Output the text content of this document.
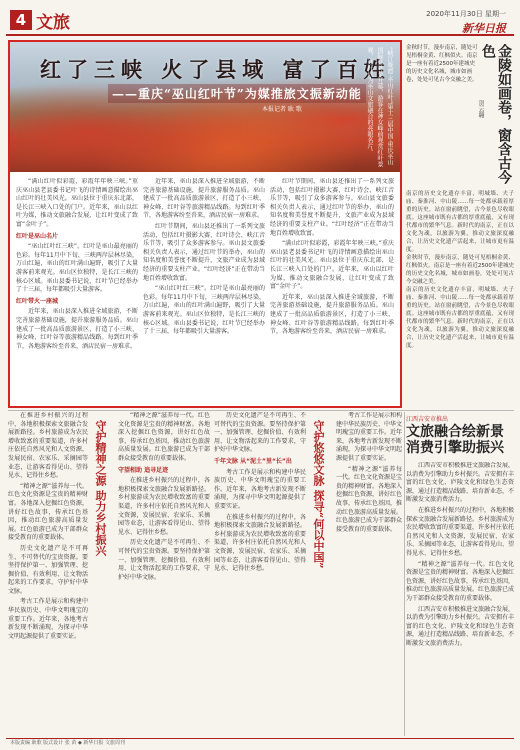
4 文旅	2020年11月30日 星期一
新华日报
红了三峡 火了县域 富了百姓
——重庆“巫山红叶节”为媒推旅文振新动能
本报记者 耿 歌	“峡江晚霞·巫山红叶”第十三届中国·重庆巫山国际红叶节开幕，游客在神女峰前观赏红叶景观，红叶成为巫山文旅融合的亮眼名片。

“满山红叶似彩霞，彩霞年年映三峡。”重庆巫山县老县委书记叶飞的诗情画意描绘出巫山红叶的壮美风光。巫山县位于重庆东北部，是长江三峡入口处的门户。近年来，巫山以红叶为媒，推动文旅融合发展，让红叶变成了致富“金叶子”。

红叶是巫山名片

“巫山红叶红三峡”。红叶是巫山最亮丽的色彩。每年11月中下旬，三峡两岸层林尽染，万山红遍，巫山的红叶满山遍野，吸引了大量游客前来观光。巫山区位独特，是长江三峡的核心区域。巫山县委书记说，红叶节已经举办了十三届，每年都吸引大量游客。

红叶带火一座城

近年来，巫山县深入推进全域旅游，不断完善旅游基础设施，提升旅游服务品质。巫山建成了一批高品质旅游景区，打造了小三峡、神女峰、红叶谷等旅游精品线路。每到红叶季节，各地游客纷至沓来，酒店民宿一房难求。

近年来，巫山县深入推进全域旅游，不断完善旅游基础设施，提升旅游服务品质。巫山建成了一批高品质旅游景区，打造了小三峡、神女峰、红叶谷等旅游精品线路。每到红叶季节，各地游客纷至沓来，酒店民宿一房难求。

红叶节期间，巫山县还推出了一系列文旅活动，包括红叶摄影大赛、红叶诗会、峡江音乐节等，吸引了众多游客参与。巫山县文旅委相关负责人表示，通过红叶节的举办，巫山的知名度和美誉度不断提升，文旅产业成为县域经济的重要支柱产业。“红叶经济”正在带动当地百姓增收致富。

“巫山红叶红三峡”。红叶是巫山最亮丽的色彩。每年11月中下旬，三峡两岸层林尽染，万山红遍，巫山的红叶满山遍野，吸引了大量游客前来观光。巫山区位独特，是长江三峡的核心区域。巫山县委书记说，红叶节已经举办了十三届，每年都吸引大量游客。

红叶节期间，巫山县还推出了一系列文旅活动，包括红叶摄影大赛、红叶诗会、峡江音乐节等，吸引了众多游客参与。巫山县文旅委相关负责人表示，通过红叶节的举办，巫山的知名度和美誉度不断提升，文旅产业成为县域经济的重要支柱产业。“红叶经济”正在带动当地百姓增收致富。

“满山红叶似彩霞，彩霞年年映三峡。”重庆巫山县老县委书记叶飞的诗情画意描绘出巫山红叶的壮美风光。巫山县位于重庆东北部，是长江三峡入口处的门户。近年来，巫山以红叶为媒，推动文旅融合发展，让红叶变成了致富“金叶子”。

近年来，巫山县深入推进全域旅游，不断完善旅游基础设施，提升旅游服务品质。巫山建成了一批高品质旅游景区，打造了小三峡、神女峰、红叶谷等旅游精品线路。每到红叶季节，各地游客纷至沓来，酒店民宿一房难求。

金秋时节，漫步南京，随处可见梧桐金黄、红枫似火。南京是一座有着近2500年建城史的历史文化名城，城市如画卷，处处可见古今交融之美。	金陵如画卷，窗含古今色
贺云翱

南京的历史文化遗存丰富，明城墙、夫子庙、秦淮河、中山陵……每一处都承载着厚重的历史。站在窗前眺望，古今景色尽收眼底。这座城市既有古都的厚重底蕴，又有现代都市的繁华气息。新时代的南京，正在以文化为魂，以旅游为翼，推动文旅深度融合，让历史文化遗产活起来，让城市更有温度。

金秋时节，漫步南京，随处可见梧桐金黄、红枫似火。南京是一座有着近2500年建城史的历史文化名城，城市如画卷，处处可见古今交融之美。

南京的历史文化遗存丰富，明城墙、夫子庙、秦淮河、中山陵……每一处都承载着厚重的历史。站在窗前眺望，古今景色尽收眼底。这座城市既有古都的厚重底蕴，又有现代都市的繁华气息。新时代的南京，正在以文化为魂，以旅游为翼，推动文旅深度融合，让历史文化遗产活起来，让城市更有温度。

在推进乡村振兴的过程中，各地积极探索文旅融合发展新路径。乡村旅游成为农民增收致富的重要渠道，许多村庄依托自然风光和人文资源，发展民宿、农家乐、采摘园等业态，让游客看得见山、望得见水、记得住乡愁。

“精神之源”滋养每一代。红色文化资源是宝贵的精神财富。各地深入挖掘红色资源，讲好红色故事，传承红色基因，推动红色旅游高质量发展。红色旅游已成为干部群众接受教育的重要载体。

历史文化遗产是不可再生、不可替代的宝贵资源。要坚持保护第一、加强管理、挖掘价值、有效利用、让文物活起来的工作要求，守护好中华文脉。

考古工作是展示和构建中华民族历史、中华文明瑰宝的重要工作。近年来，各地考古新发现不断涌现，为探寻中华文明起源提供了重要实证。

守护精神之源 助力乡村振兴

“精神之源”滋养每一代。红色文化资源是宝贵的精神财富。各地深入挖掘红色资源，讲好红色故事，传承红色基因，推动红色旅游高质量发展。红色旅游已成为干部群众接受教育的重要载体。

守望相助 追寻足迹

在推进乡村振兴的过程中，各地积极探索文旅融合发展新路径。乡村旅游成为农民增收致富的重要渠道，许多村庄依托自然风光和人文资源，发展民宿、农家乐、采摘园等业态，让游客看得见山、望得见水、记得住乡愁。

历史文化遗产是不可再生、不可替代的宝贵资源。要坚持保护第一、加强管理、挖掘价值、有效利用、让文物活起来的工作要求，守护好中华文脉。

历史文化遗产是不可再生、不可替代的宝贵资源。要坚持保护第一、加强管理、挖掘价值、有效利用、让文物活起来的工作要求，守护好中华文脉。

千年文脉 从“泥土”里“长”出

考古工作是展示和构建中华民族历史、中华文明瑰宝的重要工作。近年来，各地考古新发现不断涌现，为探寻中华文明起源提供了重要实证。

在推进乡村振兴的过程中，各地积极探索文旅融合发展新路径。乡村旅游成为农民增收致富的重要渠道，许多村庄依托自然风光和人文资源，发展民宿、农家乐、采摘园等业态，让游客看得见山、望得见水、记得住乡愁。

守护悠悠文脉 探寻“何以中国”

考古工作是展示和构建中华民族历史、中华文明瑰宝的重要工作。近年来，各地考古新发现不断涌现，为探寻中华文明起源提供了重要实证。

“精神之源”滋养每一代。红色文化资源是宝贵的精神财富。各地深入挖掘红色资源，讲好红色故事，传承红色基因，推动红色旅游高质量发展。红色旅游已成为干部群众接受教育的重要载体。

江西吉安市推出
文旅融合绘新景 消费引擎助振兴

江西吉安市积极推进文旅融合发展，以消费为引擎助力乡村振兴。吉安拥有丰富的红色文化、庐陵文化和绿色生态资源，通过打造精品线路、培育新业态，不断激发文旅消费活力。

在推进乡村振兴的过程中，各地积极探索文旅融合发展新路径。乡村旅游成为农民增收致富的重要渠道，许多村庄依托自然风光和人文资源，发展民宿、农家乐、采摘园等业态，让游客看得见山、望得见水、记得住乡愁。

“精神之源”滋养每一代。红色文化资源是宝贵的精神财富。各地深入挖掘红色资源，讲好红色故事，传承红色基因，推动红色旅游高质量发展。红色旅游已成为干部群众接受教育的重要载体。

江西吉安市积极推进文旅融合发展，以消费为引擎助力乡村振兴。吉安拥有丰富的红色文化、庐陵文化和绿色生态资源，通过打造精品线路、培育新业态，不断激发文旅消费活力。

本版责编 耿歌 版式设计 张 苗 ◆ 新华日报 文旅周刊
